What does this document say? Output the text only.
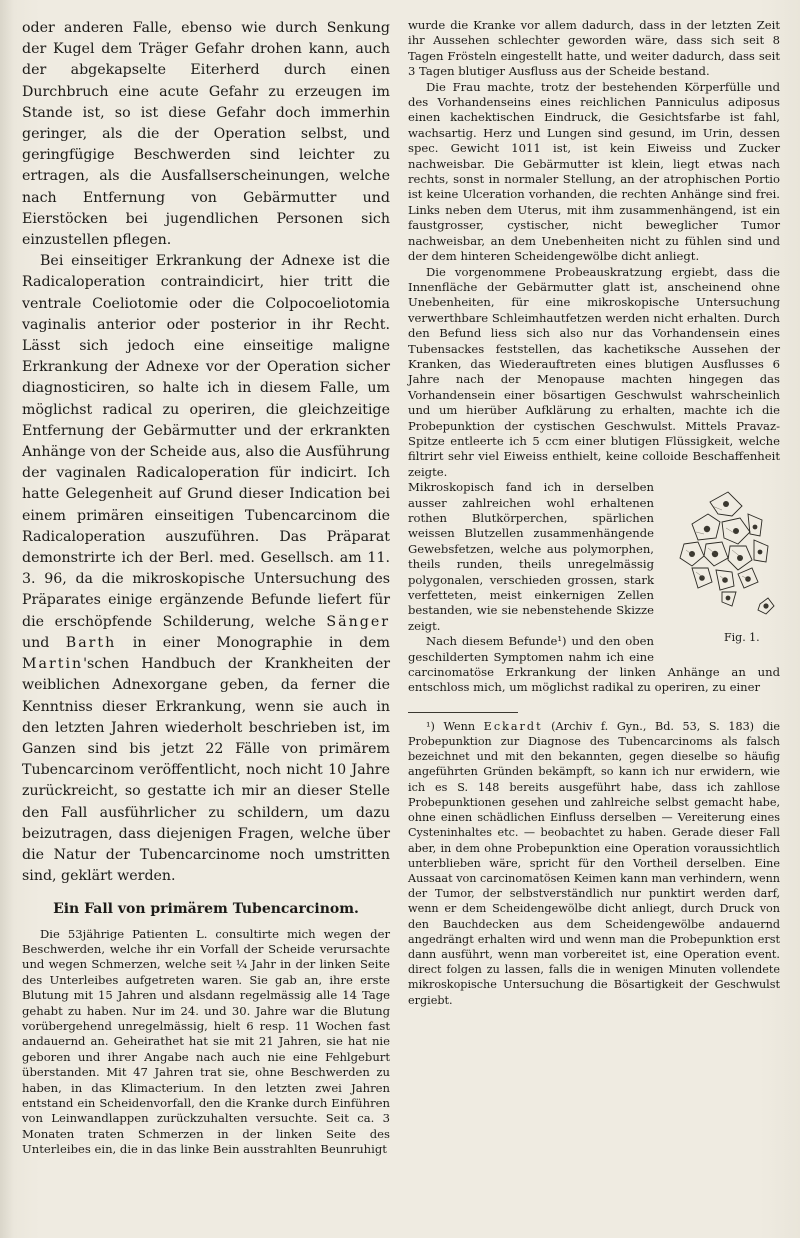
oder anderen Falle, ebenso wie durch Senkung der Kugel dem Träger Gefahr drohen kann, auch der abgekapselte Eiterherd durch einen Durchbruch eine acute Gefahr zu erzeugen im Stande ist, so ist diese Gefahr doch immerhin geringer, als die der Operation selbst, und geringfügige Beschwerden sind leichter zu ertragen, als die Ausfallserscheinungen, welche nach Entfernung von Gebärmutter und Eierstöcken bei jugendlichen Personen sich einzustellen pflegen.

Bei einseitiger Erkrankung der Adnexe ist die Radicaloperation contraindicirt, hier tritt die ventrale Coeliotomie oder die Colpocoeliotomia vaginalis anterior oder posterior in ihr Recht. Lässt sich jedoch eine einseitige maligne Erkrankung der Adnexe vor der Operation sicher diagnosticiren, so halte ich in diesem Falle, um möglichst radical zu operiren, die gleichzeitige Entfernung der Gebärmutter und der erkrankten Anhänge von der Scheide aus, also die Ausführung der vaginalen Radicaloperation für indicirt. Ich hatte Gelegenheit auf Grund dieser Indication bei einem primären einseitigen Tubencarcinom die Radicaloperation auszuführen. Das Präparat demonstrirte ich der Berl. med. Gesellsch. am 11. 3. 96, da die mikroskopische Untersuchung des Präparates einige ergänzende Befunde liefert für die erschöpfende Schilderung, welche Sänger und Barth in einer Monographie in dem Martin'schen Handbuch der Krankheiten der weiblichen Adnexorgane geben, da ferner die Kenntniss dieser Erkrankung, wenn sie auch in den letzten Jahren wiederholt beschrieben ist, im Ganzen sind bis jetzt 22 Fälle von primärem Tubencarcinom veröffentlicht, noch nicht 10 Jahre zurückreicht, so gestatte ich mir an dieser Stelle den Fall ausführlicher zu schildern, um dazu beizutragen, dass diejenigen Fragen, welche über die Natur der Tubencarcinome noch umstritten sind, geklärt werden.

Ein Fall von primärem Tubencarcinom.

Die 53jährige Patienten L. consultirte mich wegen der Beschwerden, welche ihr ein Vorfall der Scheide verursachte und wegen Schmerzen, welche seit ¼ Jahr in der linken Seite des Unterleibes aufgetreten waren. Sie gab an, ihre erste Blutung mit 15 Jahren und alsdann regelmässig alle 14 Tage gehabt zu haben. Nur im 24. und 30. Jahre war die Blutung vorübergehend unregelmässig, hielt 6 resp. 11 Wochen fast andauernd an. Geheirathet hat sie mit 21 Jahren, sie hat nie geboren und ihrer Angabe nach auch nie eine Fehlgeburt überstanden. Mit 47 Jahren trat sie, ohne Beschwerden zu haben, in das Klimacterium. In den letzten zwei Jahren entstand ein Scheidenvorfall, den die Kranke durch Einführen von Leinwandlappen zurückzuhalten versuchte. Seit ca. 3 Monaten traten Schmerzen in der linken Seite des Unterleibes ein, die in das linke Bein ausstrahlten Beunruhigt

wurde die Kranke vor allem dadurch, dass in der letzten Zeit ihr Aussehen schlechter geworden wäre, dass sich seit 8 Tagen Frösteln eingestellt hatte, und weiter dadurch, dass seit 3 Tagen blutiger Ausfluss aus der Scheide bestand.

Die Frau machte, trotz der bestehenden Körperfülle und des Vorhandenseins eines reichlichen Panniculus adiposus einen kachektischen Eindruck, die Gesichtsfarbe ist fahl, wachsartig. Herz und Lungen sind gesund, im Urin, dessen spec. Gewicht 1011 ist, ist kein Eiweiss und Zucker nachweisbar. Die Gebärmutter ist klein, liegt etwas nach rechts, sonst in normaler Stellung, an der atrophischen Portio ist keine Ulceration vorhanden, die rechten Anhänge sind frei. Links neben dem Uterus, mit ihm zusammenhängend, ist ein faustgrosser, cystischer, nicht beweglicher Tumor nachweisbar, an dem Unebenheiten nicht zu fühlen sind und der dem hinteren Scheidengewölbe dicht anliegt.

Die vorgenommene Probeauskratzung ergiebt, dass die Innenfläche der Gebärmutter glatt ist, anscheinend ohne Unebenheiten, für eine mikroskopische Untersuchung verwerthbare Schleimhautfetzen werden nicht erhalten. Durch den Befund liess sich also nur das Vorhandensein eines Tubensackes feststellen, das kachetiksche Aussehen der Kranken, das Wiederauftreten eines blutigen Ausflusses 6 Jahre nach der Menopause machten hingegen das Vorhandensein einer bösartigen Geschwulst wahrscheinlich und um hierüber Aufklärung zu erhalten, machte ich die Probepunktion der cystischen Geschwulst. Mittels Pravaz-Spitze entleerte ich 5 ccm einer blutigen Flüssigkeit, welche filtrirt sehr viel Eiweiss enthielt, keine colloide Beschaffenheit zeigte.

Fig. 1.

Mikroskopisch fand ich in derselben ausser zahlreichen wohl erhaltenen rothen Blutkörperchen, spärlichen weissen Blutzellen zusammenhängende Gewebsfetzen, welche aus polymorphen, theils runden, theils unregelmässig polygonalen, verschieden grossen, stark verfetteten, meist einkernigen Zellen bestanden, wie sie nebenstehende Skizze zeigt.

Nach diesem Befunde¹) und den oben geschilderten Symptomen nahm ich eine carcinomatöse Erkrankung der linken Anhänge an und entschloss mich, um möglichst radikal zu operiren, zu einer

¹) Wenn Eckardt (Archiv f. Gyn., Bd. 53, S. 183) die Probepunktion zur Diagnose des Tubencarcinoms als falsch bezeichnet und mit den bekannten, gegen dieselbe so häufig angeführten Gründen bekämpft, so kann ich nur erwidern, wie ich es S. 148 bereits ausgeführt habe, dass ich zahllose Probepunktionen gesehen und zahlreiche selbst gemacht habe, ohne einen schädlichen Einfluss derselben — Vereiterung eines Cysteninhaltes etc. — beobachtet zu haben. Gerade dieser Fall aber, in dem ohne Probepunktion eine Operation voraussichtlich unterblieben wäre, spricht für den Vortheil derselben. Eine Aussaat von carcinomatösen Keimen kann man verhindern, wenn der Tumor, der selbstverständlich nur punktirt werden darf, wenn er dem Scheidengewölbe dicht anliegt, durch Druck von den Bauchdecken aus dem Scheidengewölbe andauernd angedrängt erhalten wird und wenn man die Probepunktion erst dann ausführt, wenn man vorbereitet ist, eine Operation event. direct folgen zu lassen, falls die in wenigen Minuten vollendete mikroskopische Untersuchung die Bösartigkeit der Geschwulst ergiebt.
